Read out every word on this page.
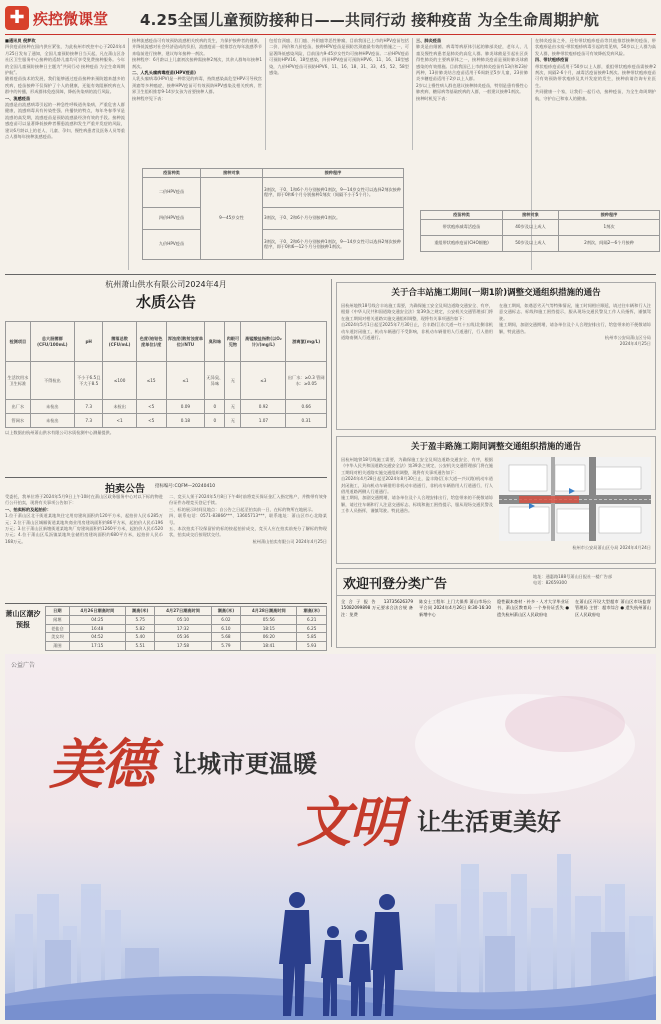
✚ 疾控微课堂 4.25全国儿童预防接种日——共同行动 接种疫苗 为全生命周期护航
■通讯员 倪梦玫
四价疫苗接种在国内供应紧张，为此杭州市疾控中心于2024年4月25日发布了通知，全国儿童预防接种日当天起，凡在萧山区各社区卫生服务中心接种的适龄儿童均可享受免费接种服务。今年的全国儿童预防接种日主题为“共同行动 接种疫苗 为全生命周期护航”。
随着疫苗技术的发展，我们能够通过疫苗接种来预防越来越多的疾病，疫苗接种不仅保护了个人的健康，还能有效阻断疾病在人群中的传播，形成群体免疫屏障，降低传染病的流行风险。
一、流感疫苗
流感是由流感病毒引起的一种急性呼吸道传染病，严重危害人群健康，流感病毒具有传染性强、传播快的特点，每年冬春季节是流感的高发期，流感疫苗是预防流感最经济有效的手段。接种流感疫苗可以显著降低接种者罹患流感和发生严重并发症的风险，建议6月龄以上的老人、儿童、孕妇、慢性病患者及医务人员等重点人群每年接种流感疫苗。
接种流感疫苗可有效预防流感相关疾病的发生，为保护接种者的健康，并降低流感对社会经济造成的负担，流感疫苗一般推荐在每年流感季节来临前进行接种，建议每年接种一剂次。
接种程序：6月龄以上儿童初次接种需接种2剂次，其余人群每年接种1剂次。
二、人乳头瘤病毒疫苗(HPV疫苗)
人乳头瘤病毒(HPV)是一种常见的病毒，持续感染高危型HPV可导致宫颈癌等多种癌症，接种HPV疫苗可有效预防HPV感染及相关疾病，世界卫生组织推荐9-14岁女孩为首要接种人群。
接种程序见下表：
包括宫颈癌、肛门癌、外阴癌等恶性肿瘤，目前我国已上市的HPV疫苗包括二价、四价和九价疫苗，接种HPV疫苗是预防宫颈癌最有效的措施之一，可显著降低感染风险，目前国内9-45岁女性均可接种HPV疫苗。二价HPV疫苗可预防HPV16、18型感染，四价HPV疫苗可预防HPV6、11、16、18型感染，九价HPV疫苗可预防HPV6、11、16、18、31、33、45、52、58型感染。
三、肺炎疫苗
肺炎是由细菌、病毒等病原体引起的肺部炎症，老年人、儿童及慢性病患者是肺炎的高危人群。肺炎球菌是引起社区获得性肺炎的主要病原体之一，接种肺炎疫苗是预防肺炎球菌感染的有效措施。目前我国已上市的肺炎疫苗有13价和23价两种，13价肺炎结合疫苗适用于6周龄至5岁儿童，23价肺炎多糖疫苗适用于2岁以上人群。
2岁以上慢性病人群也建议接种肺炎疫苗，特别是患有慢性心肺疾病、糖尿病等基础疾病的人群，一般建议接种1剂次。
接种时机见下表：
在肺炎疫苗之外，还有带状疱疹疫苗等其他推荐接种的疫苗，带状疱疹是由水痘-带状疱疹病毒引起的常见病，50岁以上人群为高发人群，接种带状疱疹疫苗可有效降低发病风险。
四、带状疱疹疫苗
带状疱疹疫苗适用于50岁以上人群，重组带状疱疹疫苗需接种2剂次，间隔2-6个月，减毒活疫苗接种1剂次。接种带状疱疹疫苗可有效预防带状疱疹及其并发症的发生，接种前请咨询专业医生。
共同健康一个家，让我们一起行动，接种疫苗，为全生命周期护航，守护自己和家人的健康。
疫苗种类	接种对象	接种程序
二价HPV疫苗	9—45岁女性	3剂次，于0、1和6个月分别接种1剂次，9—14岁女性可以选择2剂次接种程序，即于0和6个月分别接种1剂次（间隔不小于5个月）。
四价HPV疫苗		3剂次，于0、2和6个月分别接种1剂次。
九价HPV疫苗		3剂次，于0、2和6个月分别接种1剂次，9—14岁女性可以选择2剂次接种程序，即于0和6—12个月分别接种1剂次。
疫苗种类	接种对象	接种程序
带状疱疹减毒活疫苗	40岁及以上成人	1剂次
重组带状疱疹疫苗(CHO细胞)	50岁及以上成人	2剂次，间隔2—6个月接种
杭州萧山供水有限公司2024年4月
水质公告
检测项目	总大肠菌群(CFU/100mL)	pH	菌落总数(CFU/mL)	色度(铂钴色度单位)/度	浑浊度(散射浊度单位)/NTU	臭和味	肉眼可见物	高锰酸盐指数(以O₂计)/(mg/L)	游离氯(mg/L)
生活饮用水卫生标准	不得检出	不小于6.5且不大于8.5	≤100	≤15	≤1	无异臭、异味	无	≤3	出厂水：≥0.3 管网水：≥0.05
出厂水	未检出	7.3	未检出	<5	0.09	0	无	0.92	0.66
管网水	未检出	7.3	<1	<5	0.18	0	无	1.07	0.31
以上数据由杭州萧山供水有限公司水质检测中心测量提供。
拍卖公告 招标编号:CQFM—20240410
受委托，我单位将于2024年5月9日上午10时在萧山区政务服务中心对以下标的物进行公开拍卖，现将有关事项公告如下：
一、拍卖标的及起拍价：
1.位于萧山区北干街道某地块住宅用房建筑面积约120平方米，起拍价人民币285万元；2.位于萧山区城厢街道某地块商业用房建筑面积约86平方米，起拍价人民币196万元；3.位于萧山区新塘街道某地块厂房建筑面积约1260平方米，起拍价人民币520万元；4.位于萧山区瓜沥镇某地块仓储用房建筑面积约680平方米，起拍价人民币168万元。
二、竞买人须于2024年5月8日下午4时前将竞买保证金汇入指定账户，并携带有效身份证件办理竞买登记手续。
三、标的展示时间及地点：自公告之日起至拍卖前一日，在标的物所在地展示。
四、联系电话：0571-83866***、13605713***，联系地址：萧山区市心北路某号。
五、本次拍卖不设保留价的标的按起拍价成交，竞买人应在拍卖前充分了解标的物现状，拍卖成交后按现状交付。
杭州萧山拍卖有限公司 2024年4月25日
萧山区潮汐预报
日期	4月26日潮高时间	潮高(米)	4月27日潮高时间	潮高(米)	4月28日潮高时间	潮高(米)
闻堰	04:25	5.75	05:10	6.02	05:56	6.21
老盐仓	16:48	5.82	17:32	6.10	18:15	6.25
美女坝	04:52	5.40	05:36	5.68	06:20	5.85
萧围	17:15	5.51	17:58	5.79	18:41	5.93
关于合丰站施工期间(一期1阶)调整交通组织措施的通告
因杭州地铁18号线合丰站施工需要，为确保施工安全及周边道路交通安全、有序，根据《中华人民共和国道路交通安全法》第39条之规定，公安机关交通管理部门将在施工期间对相关道路实施交通组织调整，现将有关事项通告如下：
自2024年5月1日起至2025年7月30日止，合丰路(江东大道—红十五线)北侧非机动车道封闭施工，机动车辆通行不受影响，非机动车辆借用人行道通行，行人借用道路南侧人行道通行。
在施工期间，如遇恶劣天气等特殊情况，施工时间相应顺延，请过往车辆和行人注意交通标志、标线和施工围挡提示，服从现场交通民警及工作人员指挥，谨慎驾驶。
施工期间，加剧交通拥堵，请各单位及个人合理安排出行，给您带来的不便敬请谅解，特此通告。
杭州市公安局萧山区分局
2024年4月25日
关于盈丰路施工期间调整交通组织措施的通告
因杭州地铁18号线施工需要，为确保施工安全及周边道路交通安全、有序，根据《中华人民共和国道路交通安全法》第39条之规定，公安机关交通管理部门将在施工期间对相关道路实施交通组织调整，现将有关事项通告如下：
自2024年4月28日起至2024年8月30日止，盈丰路(江东大道—兴议路)机动车道封闭施工，双向机动车辆借用非机动车道通行，非机动车辆借用人行道通行，行人借用道路两侧人行道通行。
施工期间，加剧交通拥堵，请各单位及个人合理安排出行，给您带来的不便敬请谅解，请过往车辆和行人注意交通标志、标线和施工围挡提示，服从现场交通民警及工作人员指挥，谨慎驾驶。特此通告。
杭州市公安局萧山区分局 2024年4月24日
欢迎刊登分类广告
地址：通惠路188号萧山日报社一楼广告部
电话：82659300
全合子报告 13735626379 15082099898 万元要求合法合规 备注：免费
陈女士工程年 上门大保养 萧山市场公平合同 2024年4月26日 8:30-16:30新增中心
隐性碳本查材 - 补多 - 人才大学毕业证书、萧山区教育局 一个身份证丢失 ● 遗失杭州萧山区人民政府电
在萧山区开设大型超市 萧山区市场监督管理局 主营：超市综合 ● 遗失杭州萧山区人民政府电
公益广告
美德 让城市更温暖
文明 让生活更美好
